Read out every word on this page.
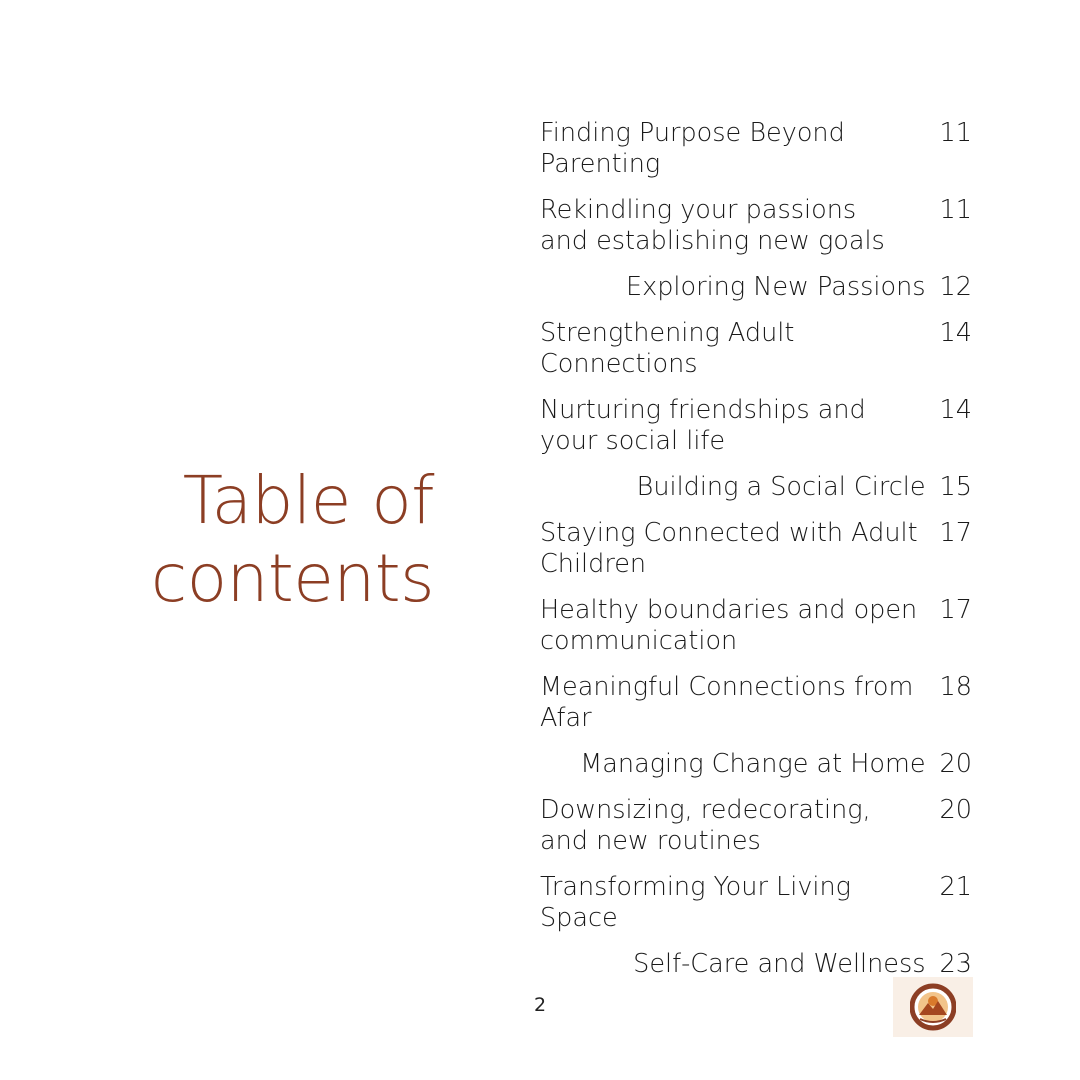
Table of
contents
Finding Purpose Beyond Parenting
11
Rekindling your passions and establishing new goals
11
Exploring New Passions 12
Strengthening Adult Connections
14
Nurturing friendships and your social life
14
Building a Social Circle 15
Staying Connected with Adult Children
17
Healthy boundaries and open communication
17
Meaningful Connections from Afar
18
Managing Change at Home 20
Downsizing, redecorating, and new routines
20
Transforming Your Living Space
21
Self-Care and Wellness 23
2
